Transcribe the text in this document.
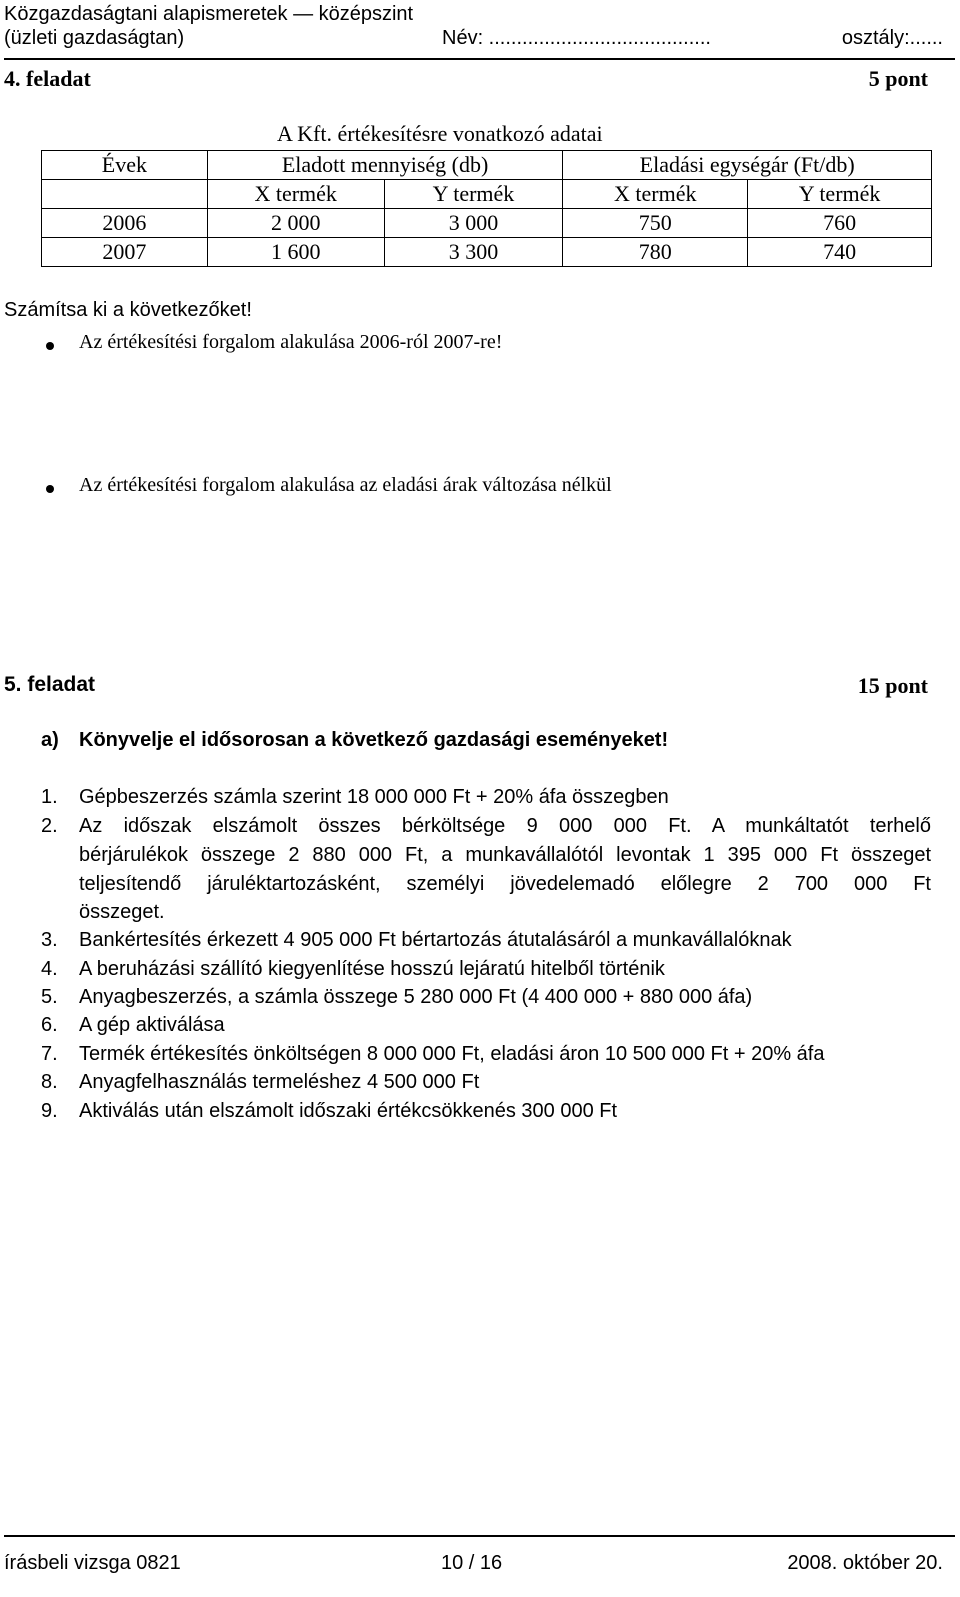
Közgazdaságtani alapismeretek — középszint
(üzleti gazdaságtan)	Név: ........................................	osztály:......
4. feladat	5 pont
A Kft. értékesítésre vonatkozó adatai
Évek	Eladott mennyiség (db)		Eladási egységár (Ft/db)	
	X termék	Y termék	X termék	Y termék
2006	2 000	3 000	750	760
2007	1 600	3 300	780	740
Számítsa ki a következőket!
Az értékesítési forgalom alakulása 2006-ról 2007-re!
Az értékesítési forgalom alakulása az eladási árak változása nélkül
5. feladat	15 pont
a) Könyvelje el idősorosan a következő gazdasági eseményeket!
1.	Gépbeszerzés számla szerint 18 000 000 Ft + 20% áfa összegben
2.	Az időszak elszámolt összes bérköltsége 9 000 000 Ft. A munkáltatót terhelő
bérjárulékok összege 2 880 000 Ft, a munkavállalótól levontak 1 395 000 Ft összeget
teljesítendő járuléktartozásként, személyi jövedelemadó előlegre 2 700 000 Ft
összeget.
3.	Bankértesítés érkezett 4 905 000 Ft bértartozás átutalásáról a munkavállalóknak
4.	A beruházási szállító kiegyenlítése hosszú lejáratú hitelből történik
5.	Anyagbeszerzés, a számla összege 5 280 000 Ft (4 400 000 + 880 000 áfa)
6.	A gép aktiválása
7.	Termék értékesítés önköltségen 8 000 000 Ft, eladási áron 10 500 000 Ft + 20% áfa
8.	Anyagfelhasználás termeléshez 4 500 000 Ft
9.	Aktiválás után elszámolt időszaki értékcsökkenés 300 000 Ft
írásbeli vizsga 0821	10 / 16	2008. október 20.
